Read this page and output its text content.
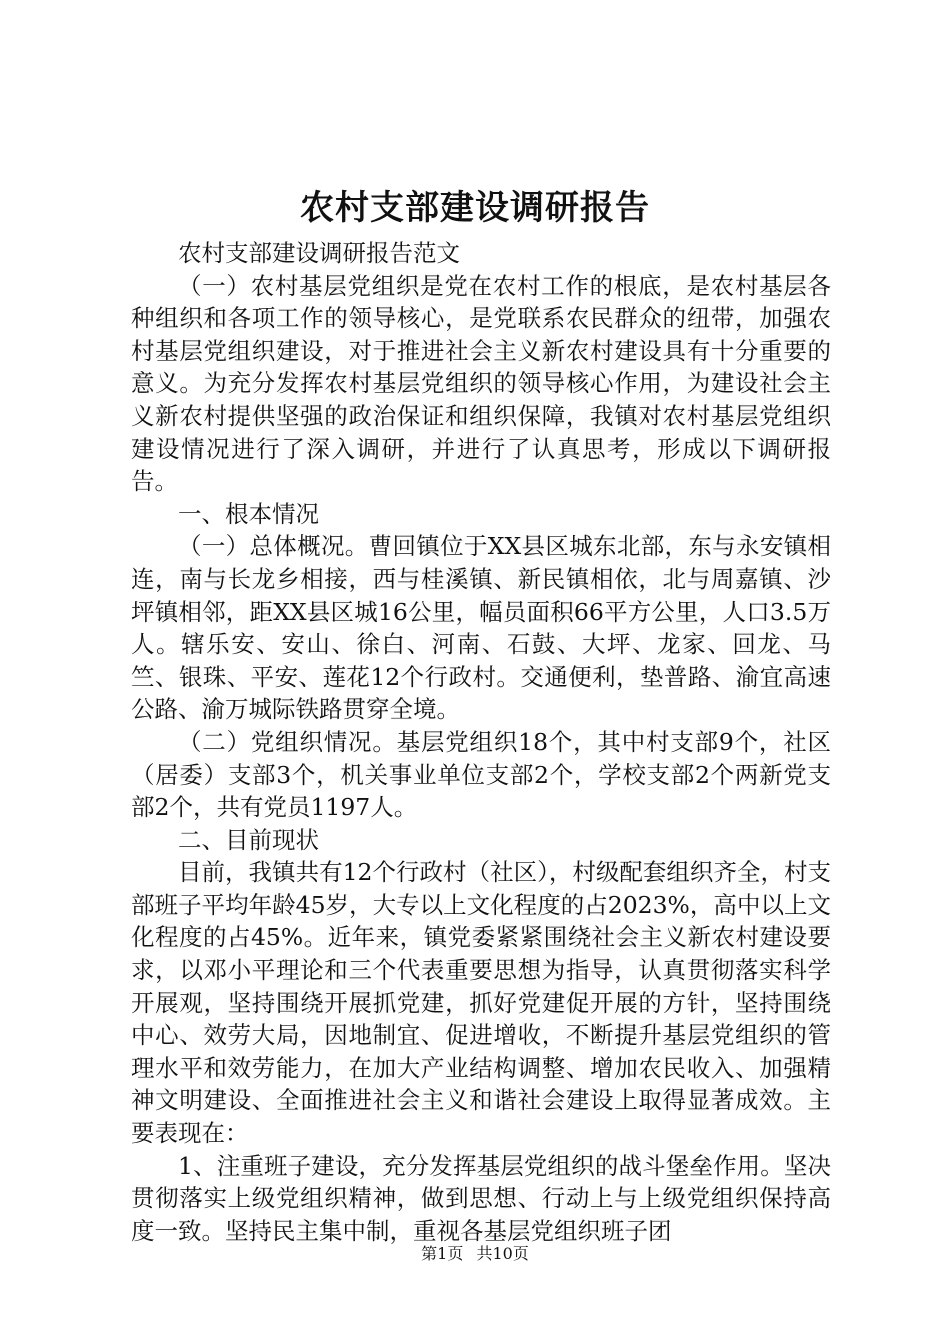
农村支部建设调研报告

农村支部建设调研报告范文

（一）农村基层党组织是党在农村工作的根底，是农村基层各种组织和各项工作的领导核心，是党联系农民群众的纽带，加强农村基层党组织建设，对于推进社会主义新农村建设具有十分重要的意义。为充分发挥农村基层党组织的领导核心作用，为建设社会主义新农村提供坚强的政治保证和组织保障，我镇对农村基层党组织建设情况进行了深入调研，并进行了认真思考，形成以下调研报告。

一、根本情况

（一）总体概况。曹回镇位于XX县区城东北部，东与永安镇相连，南与长龙乡相接，西与桂溪镇、新民镇相依，北与周嘉镇、沙坪镇相邻，距XX县区城16公里，幅员面积66平方公里，人口3.5万人。辖乐安、安山、徐白、河南、石鼓、大坪、龙家、回龙、马竺、银珠、平安、莲花12个行政村。交通便利，垫普路、渝宜高速公路、渝万城际铁路贯穿全境。

（二）党组织情况。基层党组织18个，其中村支部9个，社区（居委）支部3个，机关事业单位支部2个，学校支部2个两新党支部2个，共有党员1197人。

二、目前现状

目前，我镇共有12个行政村（社区），村级配套组织齐全，村支部班子平均年龄45岁，大专以上文化程度的占2023%，高中以上文化程度的占45%。近年来，镇党委紧紧围绕社会主义新农村建设要求，以邓小平理论和三个代表重要思想为指导，认真贯彻落实科学开展观，坚持围绕开展抓党建，抓好党建促开展的方针，坚持围绕中心、效劳大局，因地制宜、促进增收，不断提升基层党组织的管理水平和效劳能力，在加大产业结构调整、增加农民收入、加强精神文明建设、全面推进社会主义和谐社会建设上取得显著成效。主要表现在：

1、注重班子建设，充分发挥基层党组织的战斗堡垒作用。坚决贯彻落实上级党组织精神，做到思想、行动上与上级党组织保持高度一致。坚持民主集中制，重视各基层党组织班子团

第1页 共10页
